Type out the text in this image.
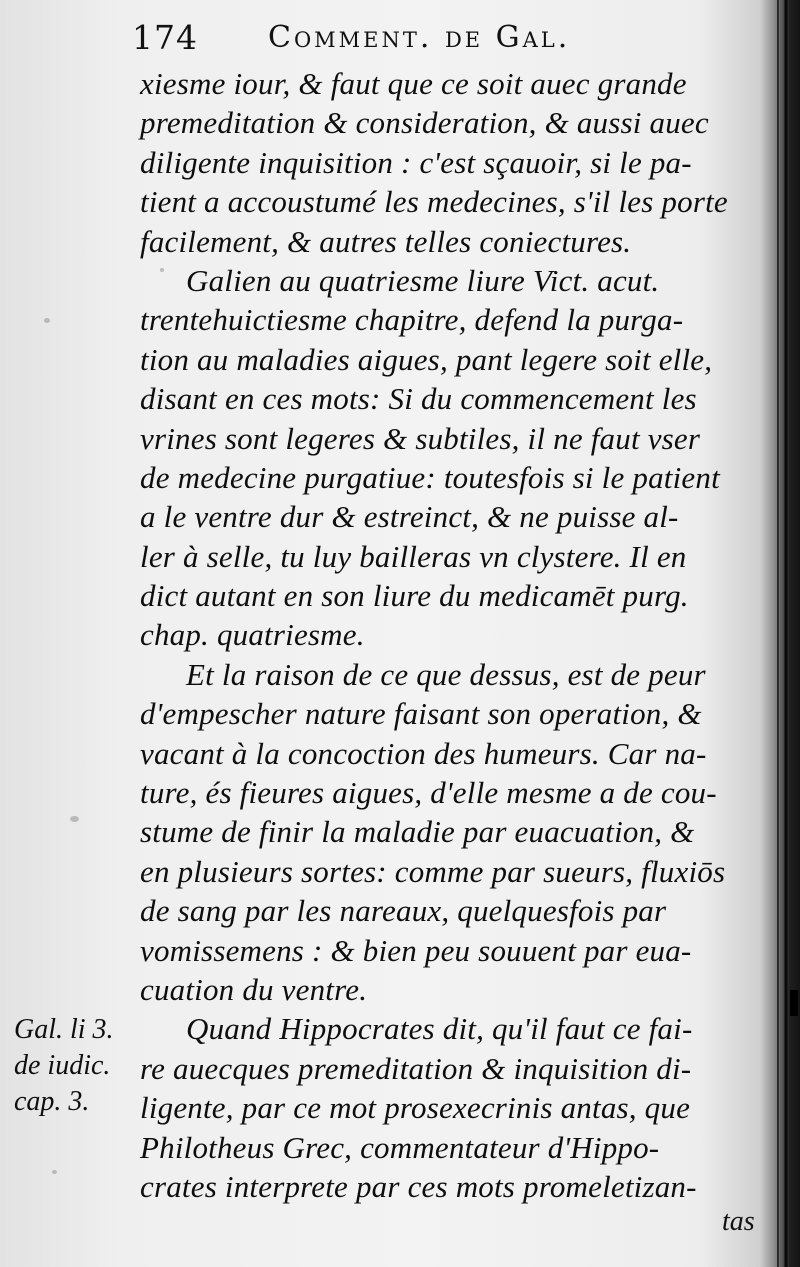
174 Comment. de Gal.
xiesme iour, & faut que ce soit auec grande
premeditation & consideration, & aussi auec
diligente inquisition : c'est sçauoir, si le pa-
tient a accoustumé les medecines, s'il les porte
facilement, & autres telles coniectures.
Galien au quatriesme liure Vict. acut.
trentehuictiesme chapitre, defend la purga-
tion au maladies aigues, pant legere soit elle,
disant en ces mots: Si du commencement les
vrines sont legeres & subtiles, il ne faut vser
de medecine purgatiue: toutesfois si le patient
a le ventre dur & estreinct, & ne puisse al-
ler à selle, tu luy bailleras vn clystere. Il en
dict autant en son liure du medicamēt purg.
chap. quatriesme.
Et la raison de ce que dessus, est de peur
d'empescher nature faisant son operation, &
vacant à la concoction des humeurs. Car na-
ture, és fieures aigues, d'elle mesme a de cou-
stume de finir la maladie par euacuation, &
en plusieurs sortes: comme par sueurs, fluxiōs
de sang par les nareaux, quelquesfois par
vomissemens : & bien peu souuent par eua-
cuation du ventre.
Quand Hippocrates dit, qu'il faut ce fai-
re auecques premeditation & inquisition di-
ligente, par ce mot prosexecrinis antas, que
Philotheus Grec, commentateur d'Hippo-
crates interprete par ces mots promeletizan-
Gal. li 3.
de iudic.
cap. 3.
tas
